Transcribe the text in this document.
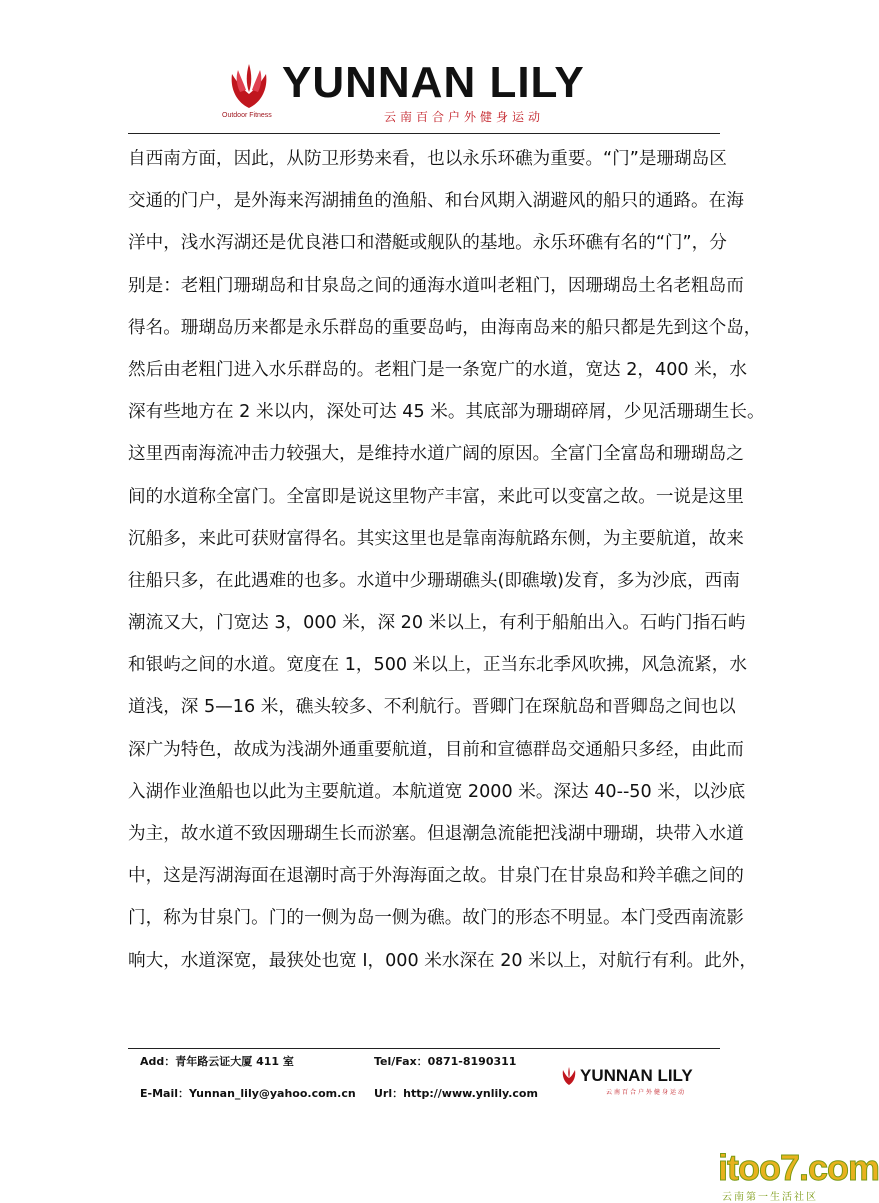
Outdoor Fitness
YUNNAN LILY
云南百合户外健身运动
自西南方面，因此，从防卫形势来看，也以永乐环礁为重要。“门”是珊瑚岛区
交通的门户，是外海来泻湖捕鱼的渔船、和台风期入湖避风的船只的通路。在海
洋中，浅水泻湖还是优良港口和潜艇或舰队的基地。永乐环礁有名的“门”，分
别是：老粗门珊瑚岛和甘泉岛之间的通海水道叫老粗门，因珊瑚岛土名老粗岛而
得名。珊瑚岛历来都是永乐群岛的重要岛屿，由海南岛来的船只都是先到这个岛，
然后由老粗门进入水乐群岛的。老粗门是一条宽广的水道，宽达 2，400 米，水
深有些地方在 2 米以内，深处可达 45 米。其底部为珊瑚碎屑，少见活珊瑚生长。
这里西南海流冲击力较强大，是维持水道广阔的原因。全富门全富岛和珊瑚岛之
间的水道称全富门。全富即是说这里物产丰富，来此可以变富之故。一说是这里
沉船多，来此可获财富得名。其实这里也是靠南海航路东侧，为主要航道，故来
往船只多，在此遇难的也多。水道中少珊瑚礁头(即礁墩)发育，多为沙底，西南
潮流又大，门宽达 3，000 米，深 20 米以上，有利于船舶出入。石屿门指石屿
和银屿之间的水道。宽度在 1，500 米以上，正当东北季风吹拂，风急流紧，水
道浅，深 5—16 米，礁头较多、不利航行。晋卿门在琛航岛和晋卿岛之间也以
深广为特色，故成为浅湖外通重要航道，目前和宣德群岛交通船只多经，由此而
入湖作业渔船也以此为主要航道。本航道宽 2000 米。深达 40--50 米，以沙底
为主，故水道不致因珊瑚生长而淤塞。但退潮急流能把浅湖中珊瑚，块带入水道
中，这是泻湖海面在退潮时高于外海海面之故。甘泉门在甘泉岛和羚羊礁之间的
门，称为甘泉门。门的一侧为岛一侧为礁。故门的形态不明显。本门受西南流影
响大，水道深宽，最狭处也宽 Ⅰ，000 米水深在 20 米以上，对航行有利。此外，
Add：青年路云证大厦 411 室	Tel/Fax：0871-8190311
E-Mail：Yunnan_lily@yahoo.com.cn Url：http://www.ynlily.com
YUNNAN LILY
云南百合户外健身运动
itoo7.com
云南第一生活社区
